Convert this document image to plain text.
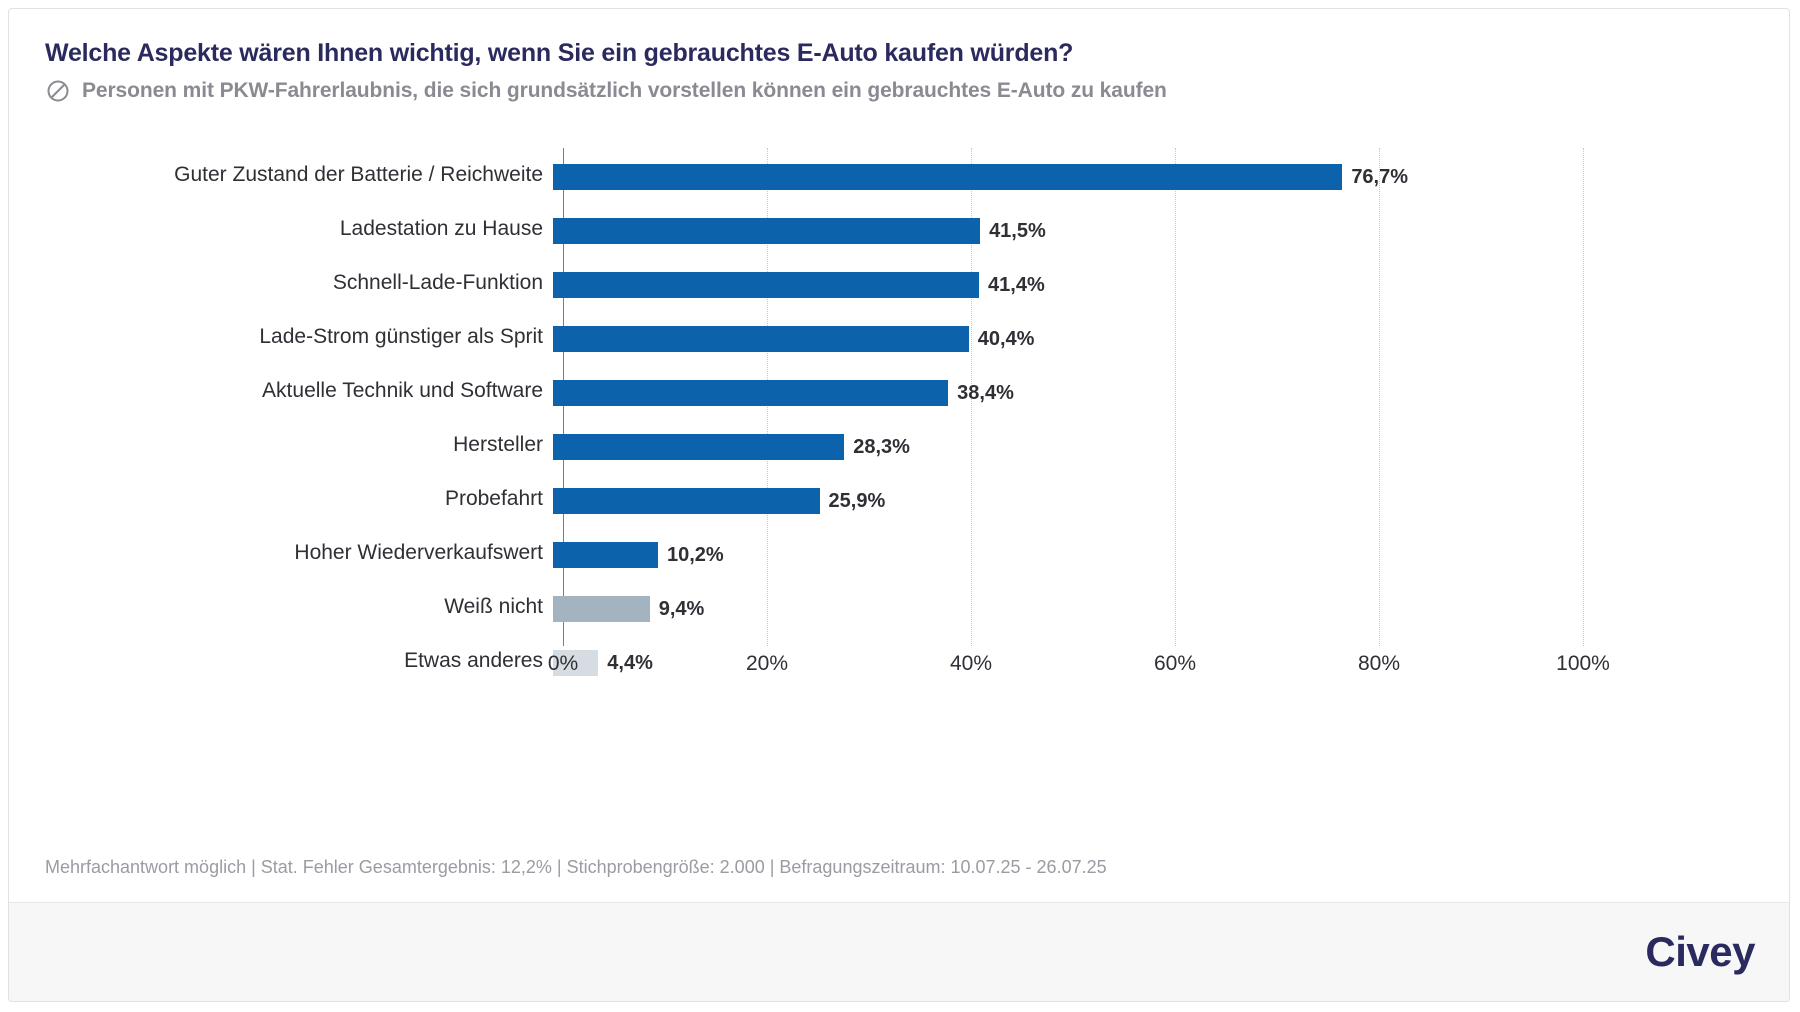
Welche Aspekte wären Ihnen wichtig, wenn Sie ein gebrauchtes E-Auto kaufen würden?
Personen mit PKW-Fahrerlaubnis, die sich grundsätzlich vorstellen können ein gebrauchtes E-Auto zu kaufen
Guter Zustand der Batterie / Reichweite	76,7%
Ladestation zu Hause	41,5%
Schnell-Lade-Funktion	41,4%
Lade-Strom günstiger als Sprit	40,4%
Aktuelle Technik und Software	38,4%
Hersteller	28,3%
Probefahrt	25,9%
Hoher Wiederverkaufswert	10,2%
Weiß nicht	9,4%
Etwas anderes	4,4%
0%	20%	40%	60%	80%	100%
Mehrfachantwort möglich | Stat. Fehler Gesamtergebnis: 12,2% | Stichprobengröße: 2.000 | Befragungszeitraum: 10.07.25 - 26.07.25
Civey
